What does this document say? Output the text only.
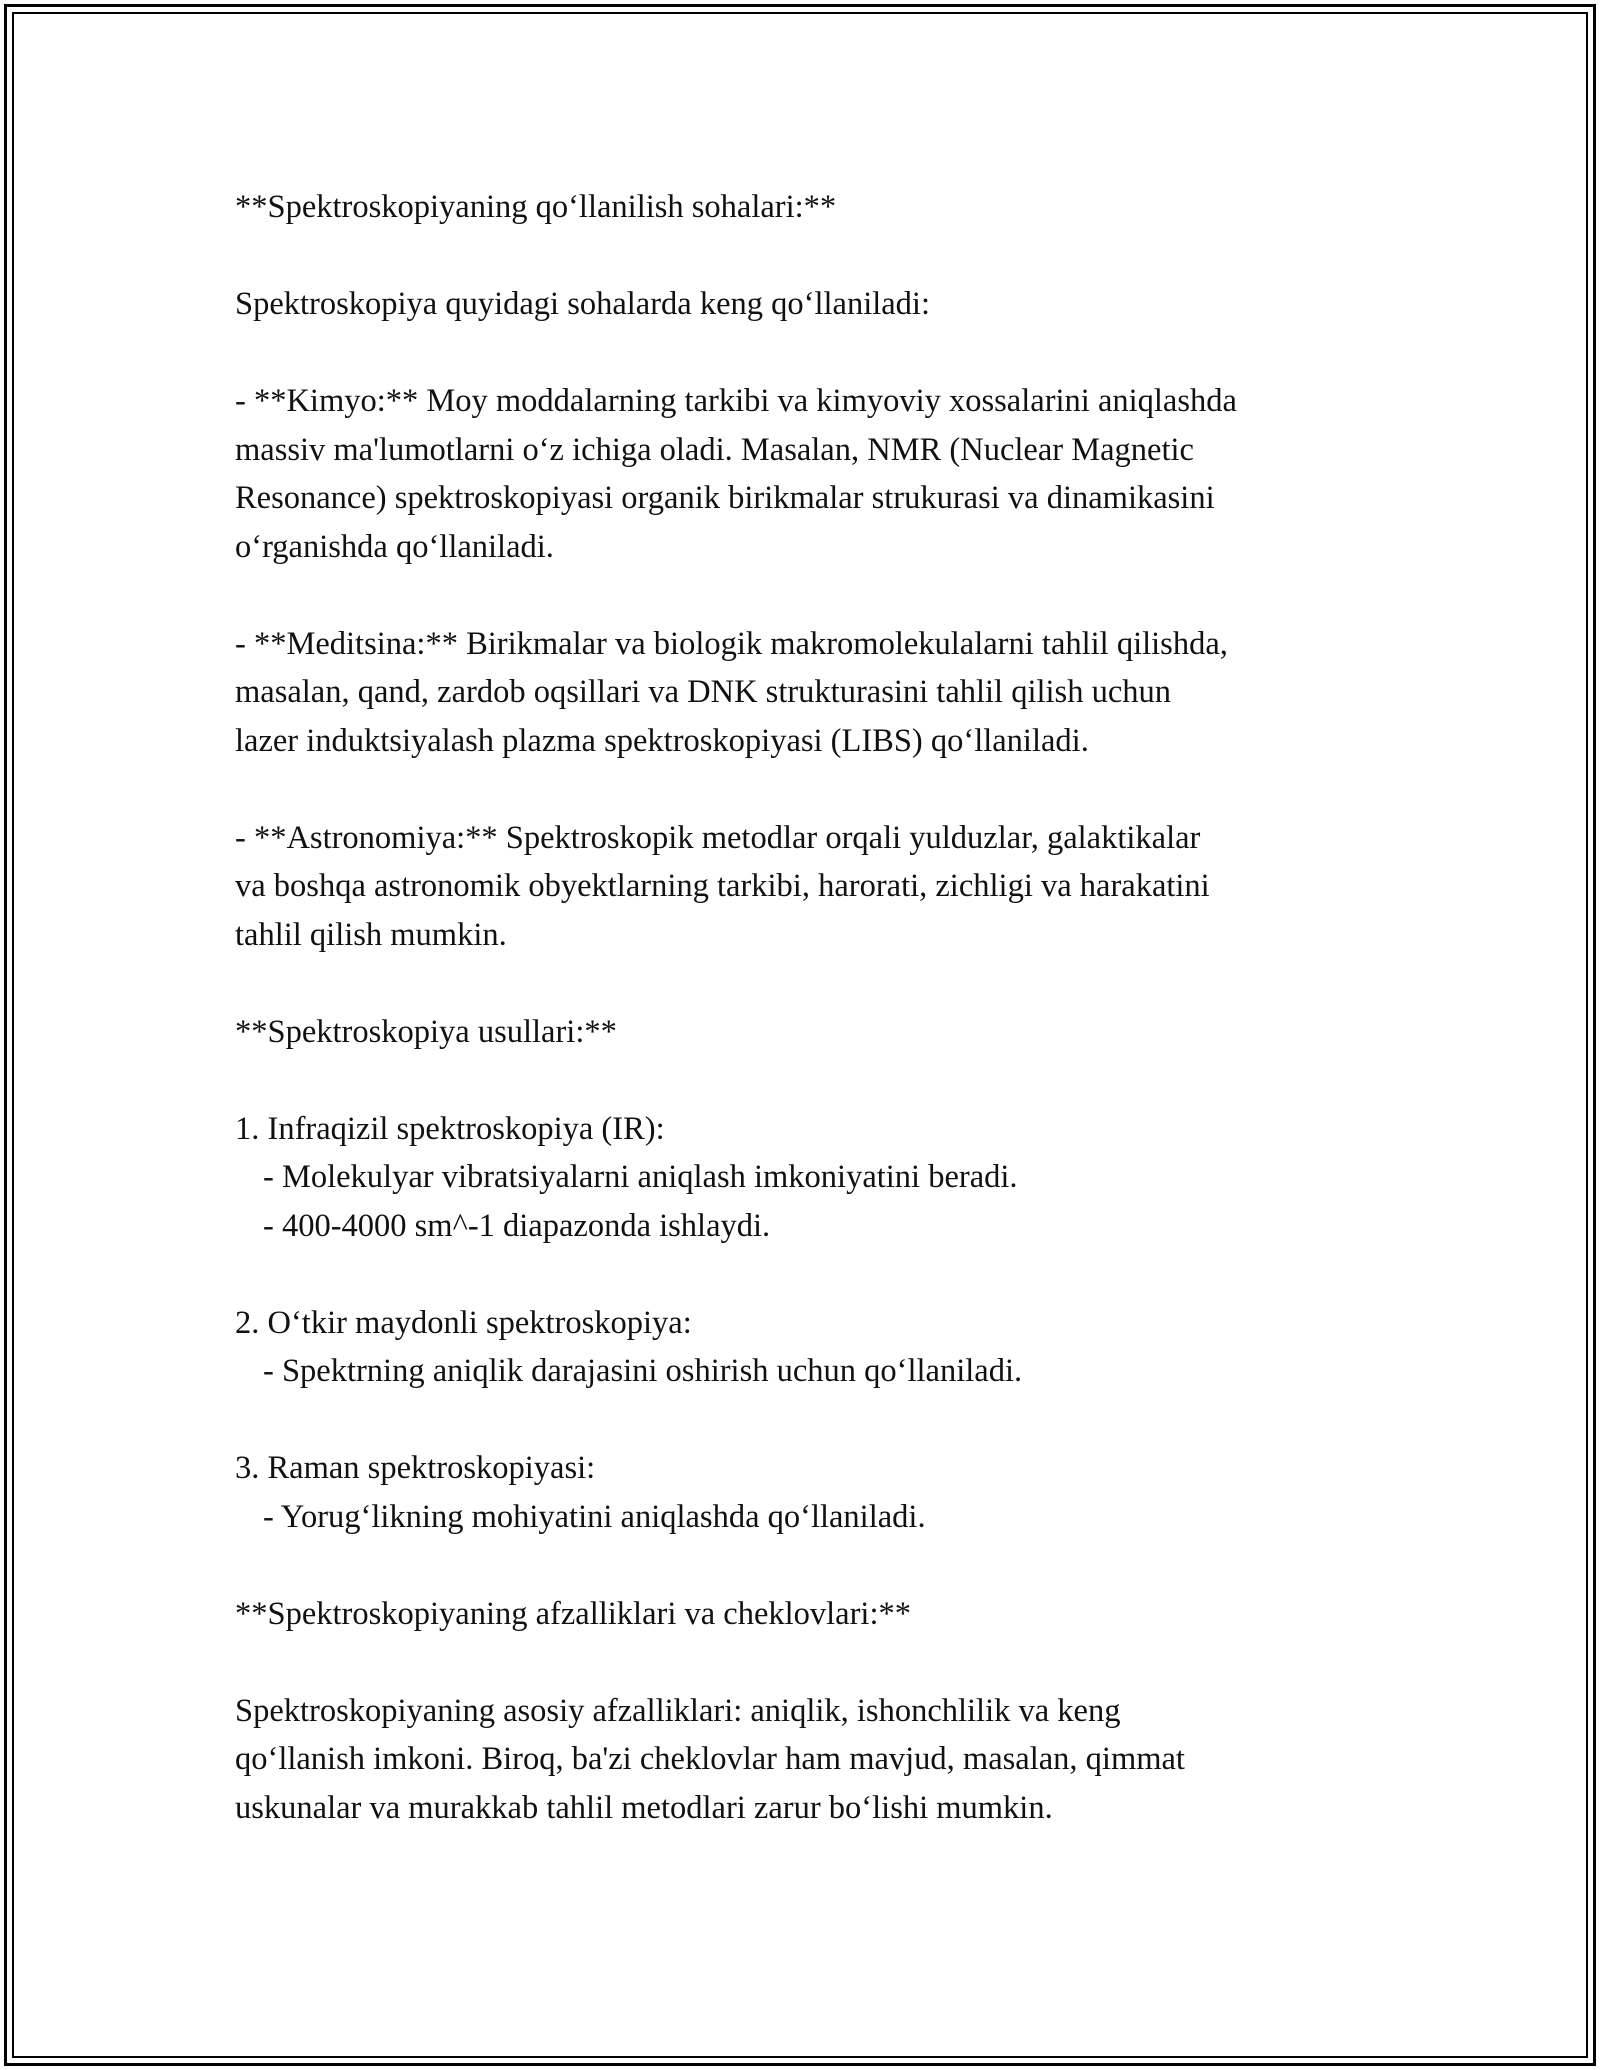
**Spektroskopiyaning qo‘llanilish sohalari:**

Spektroskopiya quyidagi sohalarda keng qo‘llaniladi:

- **Kimyo:** Moy moddalarning tarkibi va kimyoviy xossalarini aniqlashda
massiv ma'lumotlarni o‘z ichiga oladi. Masalan, NMR (Nuclear Magnetic
Resonance) spektroskopiyasi organik birikmalar strukurasi va dinamikasini
o‘rganishda qo‘llaniladi.

- **Meditsina:** Birikmalar va biologik makromolekulalarni tahlil qilishda,
masalan, qand, zardob oqsillari va DNK strukturasini tahlil qilish uchun
lazer induktsiyalash plazma spektroskopiyasi (LIBS) qo‘llaniladi.

- **Astronomiya:** Spektroskopik metodlar orqali yulduzlar, galaktikalar
va boshqa astronomik obyektlarning tarkibi, harorati, zichligi va harakatini
tahlil qilish mumkin.

**Spektroskopiya usullari:**

1. Infraqizil spektroskopiya (IR):
- Molekulyar vibratsiyalarni aniqlash imkoniyatini beradi.
- 400-4000 sm^-1 diapazonda ishlaydi.

2. O‘tkir maydonli spektroskopiya:
- Spektrning aniqlik darajasini oshirish uchun qo‘llaniladi.

3. Raman spektroskopiyasi:
- Yorug‘likning mohiyatini aniqlashda qo‘llaniladi.

**Spektroskopiyaning afzalliklari va cheklovlari:**

Spektroskopiyaning asosiy afzalliklari: aniqlik, ishonchlilik va keng
qo‘llanish imkoni. Biroq, ba'zi cheklovlar ham mavjud, masalan, qimmat
uskunalar va murakkab tahlil metodlari zarur bo‘lishi mumkin.
